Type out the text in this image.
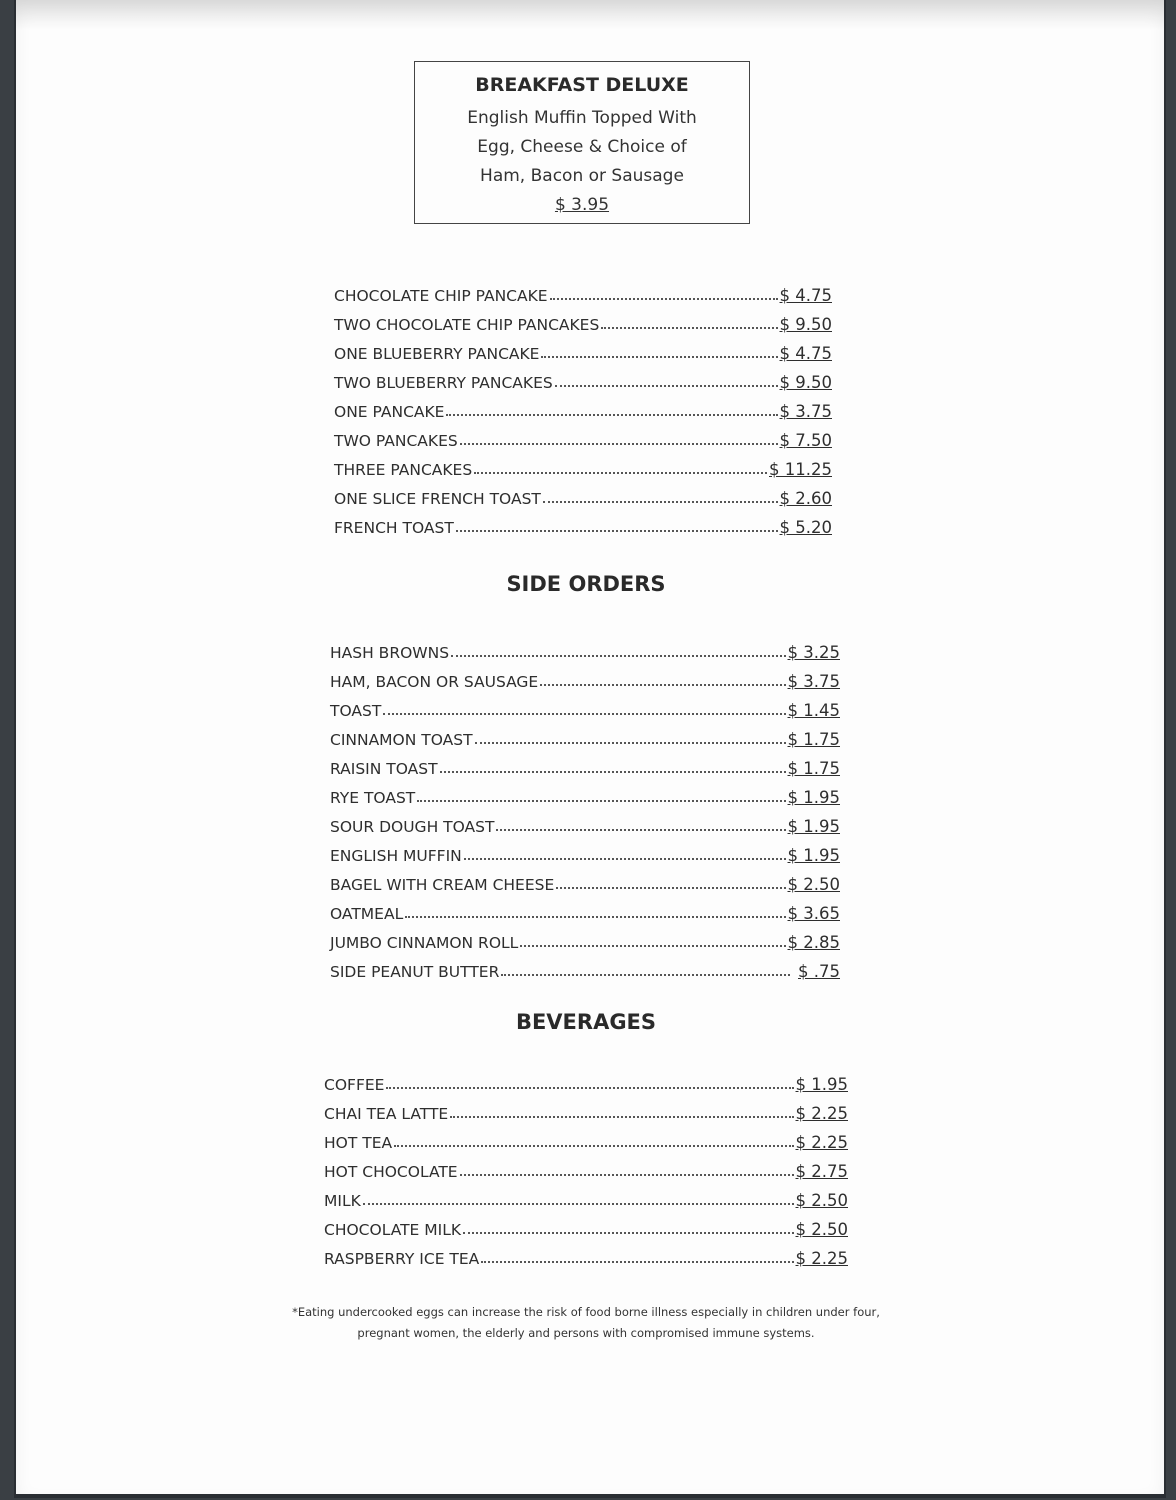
BREAKFAST DELUXE
English Muffin Topped With
Egg, Cheese & Choice of
Ham, Bacon or Sausage
$ 3.95
CHOCOLATE CHIP PANCAKE	$ 4.75
TWO CHOCOLATE CHIP PANCAKES	$ 9.50
ONE BLUEBERRY PANCAKE	$ 4.75
TWO BLUEBERRY PANCAKES	$ 9.50
ONE PANCAKE	$ 3.75
TWO PANCAKES	$ 7.50
THREE PANCAKES	$ 11.25
ONE SLICE FRENCH TOAST	$ 2.60
FRENCH TOAST	$ 5.20
SIDE ORDERS
HASH BROWNS	$ 3.25
HAM, BACON OR SAUSAGE	$ 3.75
TOAST	$ 1.45
CINNAMON TOAST	$ 1.75
RAISIN TOAST	$ 1.75
RYE TOAST	$ 1.95
SOUR DOUGH TOAST	$ 1.95
ENGLISH MUFFIN	$ 1.95
BAGEL WITH CREAM CHEESE	$ 2.50
OATMEAL	$ 3.65
JUMBO CINNAMON ROLL	$ 2.85
SIDE PEANUT BUTTER	$ .75
BEVERAGES
COFFEE	$ 1.95
CHAI TEA LATTE	$ 2.25
HOT TEA	$ 2.25
HOT CHOCOLATE	$ 2.75
MILK	$ 2.50
CHOCOLATE MILK	$ 2.50
RASPBERRY ICE TEA	$ 2.25
*Eating undercooked eggs can increase the risk of food borne illness especially in children under four,
pregnant women, the elderly and persons with compromised immune systems.
